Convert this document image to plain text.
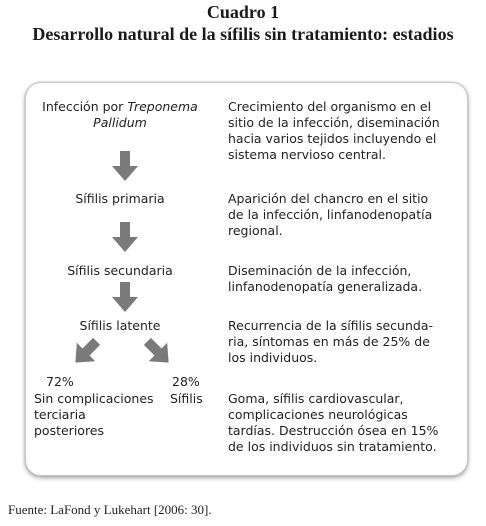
Cuadro 1
Desarrollo natural de la sífilis sin tratamiento: estadios
Infección por Treponema
Pallidum
Sífilis primaria
Sífilis secundaria
Sífilis latente
72%
Sin complicaciones
terciaria
posteriores
28%
Sífilis
Crecimiento del organismo en el
sitio de la infección, diseminación
hacia varios tejidos incluyendo el
sistema nervioso central.
Aparición del chancro en el sitio
de la infección, linfanodenopatía
regional.
Diseminación de la infección,
linfanodenopatía generalizada.
Recurrencia de la sífilis secunda-
ria, síntomas en más de 25% de
los individuos.
Goma, sífilis cardiovascular,
complicaciones neurológicas
tardías. Destrucción ósea en 15%
de los individuos sin tratamiento.
Fuente: LaFond y Lukehart [2006: 30].
